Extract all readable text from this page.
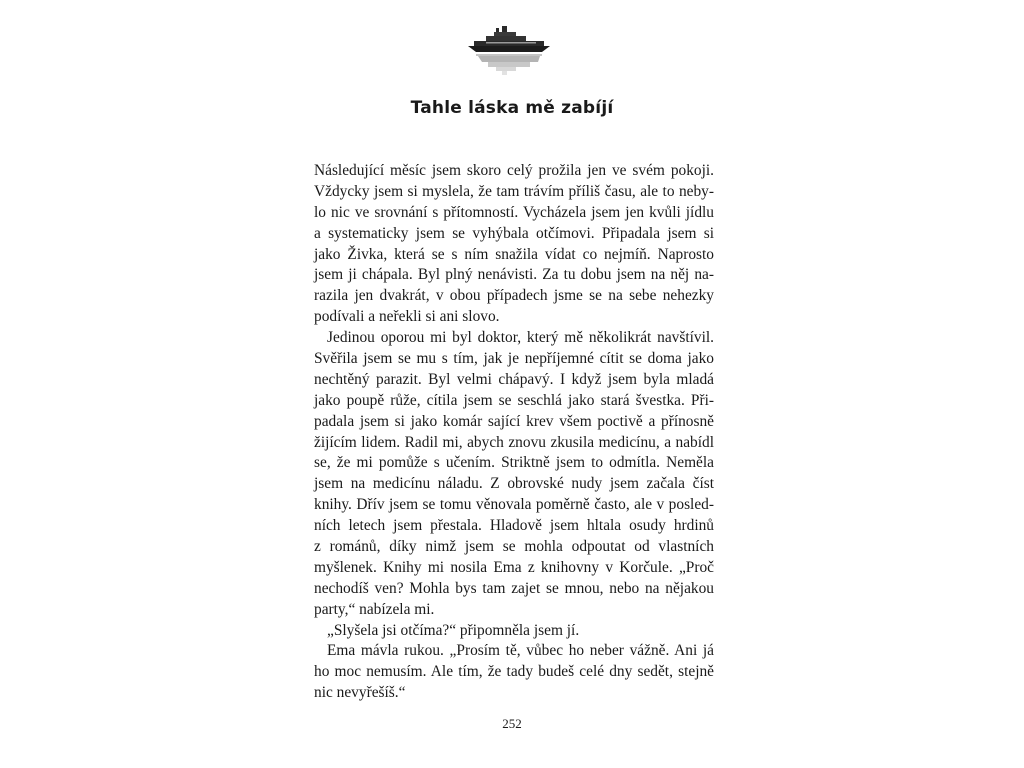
Tahle láska mě zabíjí
Následující měsíc jsem skoro celý prožila jen ve svém pokoji.
Vždycky jsem si myslela, že tam trávím příliš času, ale to neby-
lo nic ve srovnání s přítomností. Vycházela jsem jen kvůli jídlu
a systematicky jsem se vyhýbala otčímovi. Připadala jsem si
jako Živka, která se s ním snažila vídat co nejmíň. Naprosto
jsem ji chápala. Byl plný nenávisti. Za tu dobu jsem na něj na-
razila jen dvakrát, v obou případech jsme se na sebe nehezky
podívali a neřekli si ani slovo.
Jedinou oporou mi byl doktor, který mě několikrát navštívil.
Svěřila jsem se mu s tím, jak je nepříjemné cítit se doma jako
nechtěný parazit. Byl velmi chápavý. I když jsem byla mladá
jako poupě růže, cítila jsem se seschlá jako stará švestka. Při-
padala jsem si jako komár sající krev všem poctivě a přínosně
žijícím lidem. Radil mi, abych znovu zkusila medicínu, a nabídl
se, že mi pomůže s učením. Striktně jsem to odmítla. Neměla
jsem na medicínu náladu. Z obrovské nudy jsem začala číst
knihy. Dřív jsem se tomu věnovala poměrně často, ale v posled-
ních letech jsem přestala. Hladově jsem hltala osudy hrdinů
z románů, díky nimž jsem se mohla odpoutat od vlastních
myšlenek. Knihy mi nosila Ema z knihovny v Korčule. „Proč
nechodíš ven? Mohla bys tam zajet se mnou, nebo na nějakou
party,“ nabízela mi.
„Slyšela jsi otčíma?“ připomněla jsem jí.
Ema mávla rukou. „Prosím tě, vůbec ho neber vážně. Ani já
ho moc nemusím. Ale tím, že tady budeš celé dny sedět, stejně
nic nevyřešíš.“
252
